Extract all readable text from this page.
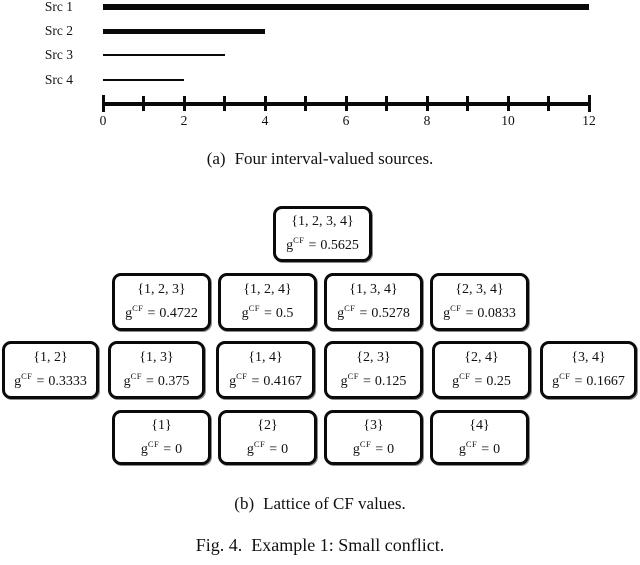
Src 1
Src 2
Src 3
Src 4
0	2	4	6	8	10	12
(a) Four interval-valued sources.
{1, 2, 3, 4}
$g^{CF} = 0.5625$
{1, 2, 3}
$g^{CF} = 0.4722$
{1, 2, 4}
$g^{CF} = 0.5$
{1, 3, 4}
$g^{CF} = 0.5278$
{2, 3, 4}
$g^{CF} = 0.0833$
{1, 2}
$g^{CF} = 0.3333$
{1, 3}
$g^{CF} = 0.375$
{1, 4}
$g^{CF} = 0.4167$
{2, 3}
$g^{CF} = 0.125$
{2, 4}
$g^{CF} = 0.25$
{3, 4}
$g^{CF} = 0.1667$
{1}
$g^{CF} = 0$
{2}
$g^{CF} = 0$
{3}
$g^{CF} = 0$
{4}
$g^{CF} = 0$
(b) Lattice of CF values.
Fig. 4. Example 1: Small conflict.
